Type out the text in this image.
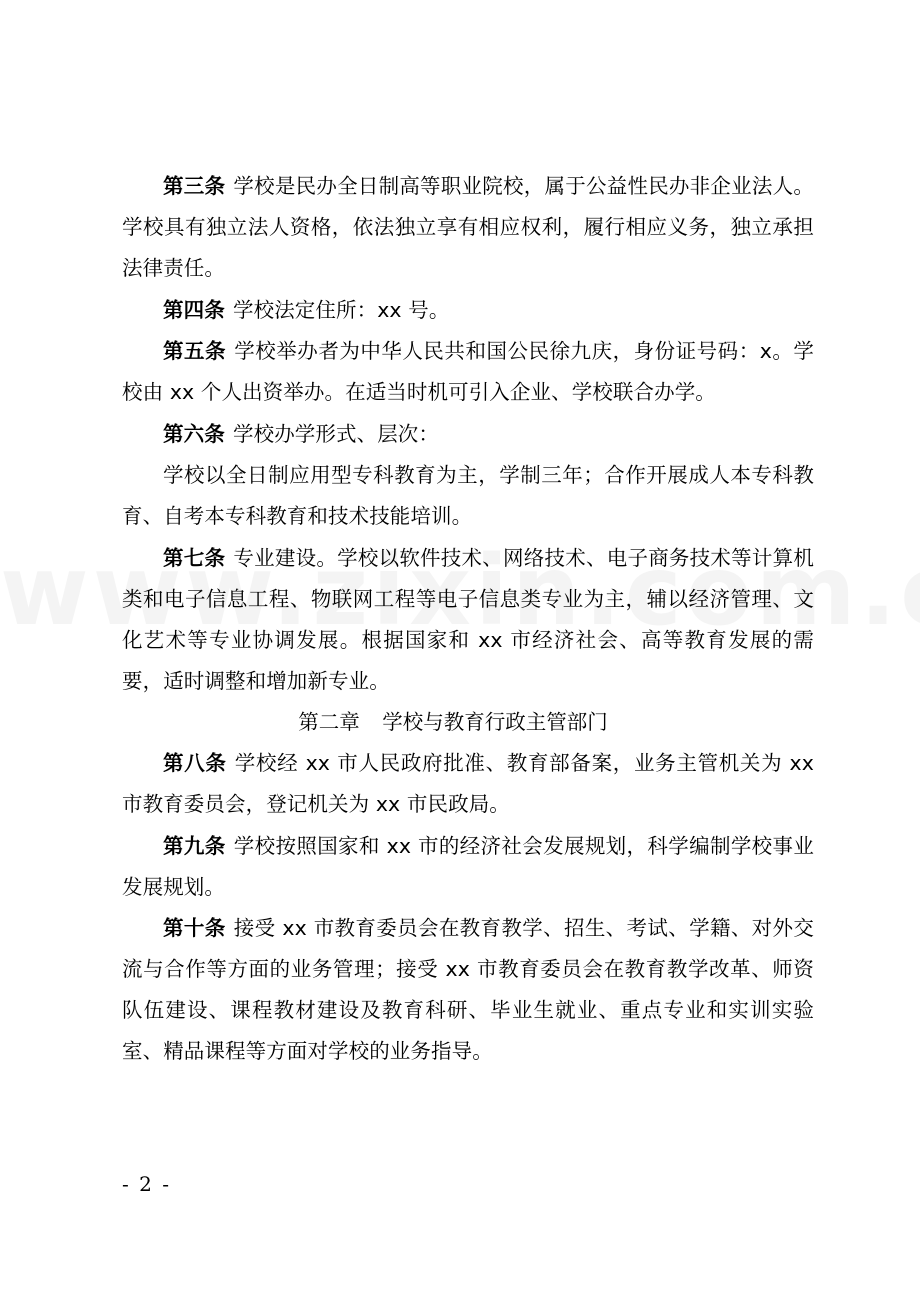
第三条 学校是民办全日制高等职业院校，属于公益性民办非企业法人。学校具有独立法人资格，依法独立享有相应权利，履行相应义务，独立承担法律责任。

第四条 学校法定住所：xx 号。

第五条 学校举办者为中华人民共和国公民徐九庆，身份证号码：x。学校由 xx 个人出资举办。在适当时机可引入企业、学校联合办学。

第六条 学校办学形式、层次：

学校以全日制应用型专科教育为主，学制三年；合作开展成人本专科教育、自考本专科教育和技术技能培训。

第七条 专业建设。学校以软件技术、网络技术、电子商务技术等计算机类和电子信息工程、物联网工程等电子信息类专业为主，辅以经济管理、文化艺术等专业协调发展。根据国家和 xx 市经济社会、高等教育发展的需要，适时调整和增加新专业。

第二章 学校与教育行政主管部门

第八条 学校经 xx 市人民政府批准、教育部备案，业务主管机关为 xx 市教育委员会，登记机关为 xx 市民政局。

第九条 学校按照国家和 xx 市的经济社会发展规划，科学编制学校事业发展规划。

第十条 接受 xx 市教育委员会在教育教学、招生、考试、学籍、对外交流与合作等方面的业务管理；接受 xx 市教育委员会在教育教学改革、师资队伍建设、课程教材建设及教育科研、毕业生就业、重点专业和实训实验室、精品课程等方面对学校的业务指导。

- 2 -
